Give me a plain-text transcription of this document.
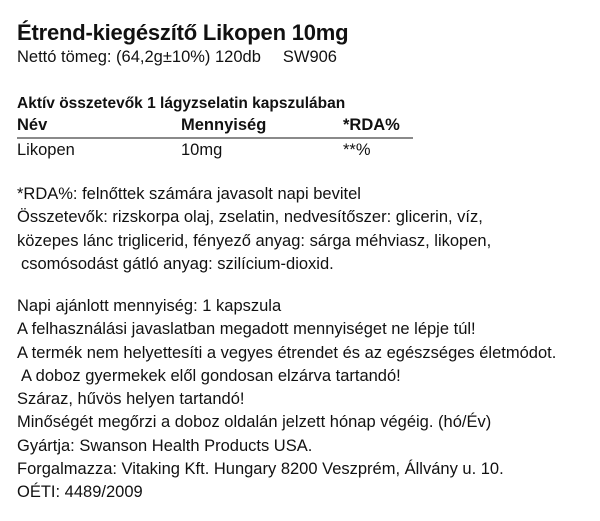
Étrend-kiegészítő Likopen 10mg
Nettó tömeg: (64,2g±10%) 120db SW906
Aktív összetevők 1 lágyzselatin kapszulában
Név	Mennyiség	*RDA%
Likopen	10mg	**%
*RDA%: felnőttek számára javasolt napi bevitel
Összetevők: rizskorpa olaj, zselatin, nedvesítőszer: glicerin, víz,
közepes lánc triglicerid, fényező anyag: sárga méhviasz, likopen,
csomósodást gátló anyag: szilícium-dioxid.
Napi ajánlott mennyiség: 1 kapszula
A felhasználási javaslatban megadott mennyiséget ne lépje túl!
A termék nem helyettesíti a vegyes étrendet és az egészséges életmódot.
A doboz gyermekek elől gondosan elzárva tartandó!
Száraz, hűvös helyen tartandó!
Minőségét megőrzi a doboz oldalán jelzett hónap végéig. (hó/Év)
Gyártja: Swanson Health Products USA.
Forgalmazza: Vitaking Kft. Hungary 8200 Veszprém, Állvány u. 10.
OÉTI: 4489/2009
